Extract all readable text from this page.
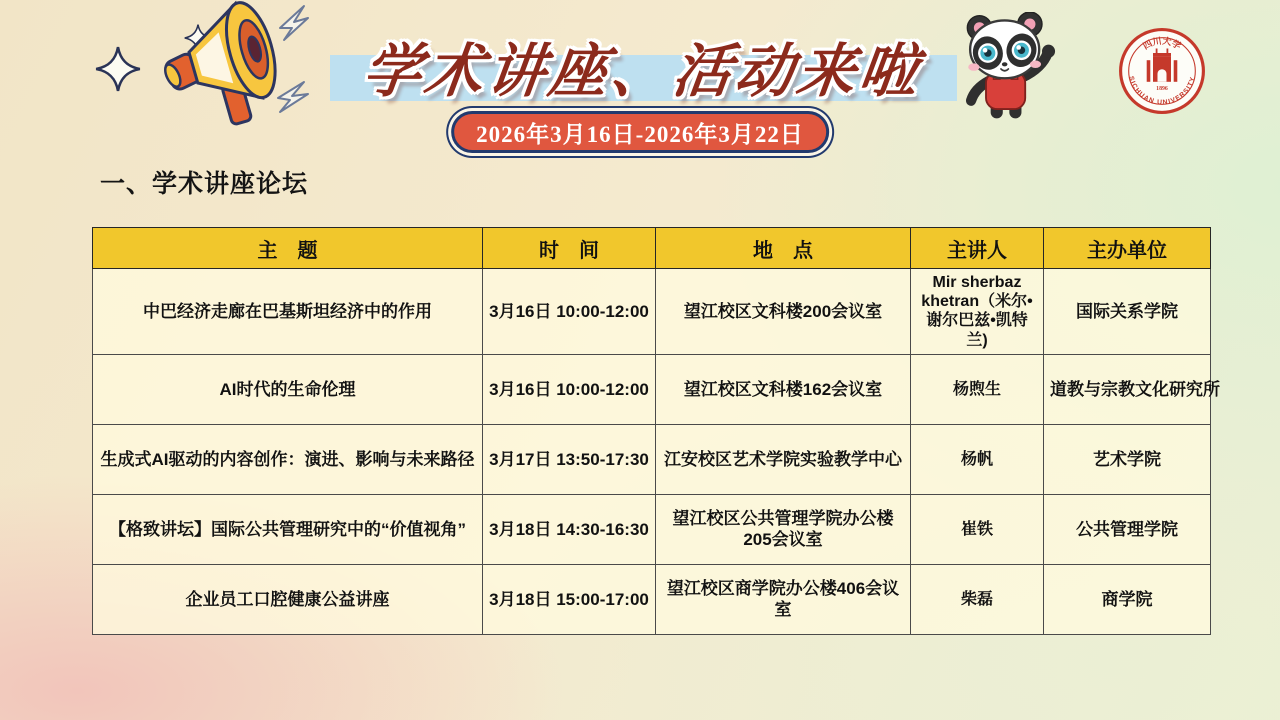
学术讲座、活动来啦
2026年3月16日-2026年3月22日
四川大学
SICHUAN UNIVERSITY
1896
一、学术讲座论坛
主　题	时　间	地　点	主讲人	主办单位
中巴经济走廊在巴基斯坦经济中的作用	3月16日 10:00-12:00	望江校区文科楼200会议室	Mir sherbaz khetran（米尔•谢尔巴兹•凯特兰)	国际关系学院
AI时代的生命伦理	3月16日 10:00-12:00	望江校区文科楼162会议室	杨煦生	道教与宗教文化研究所
生成式AI驱动的内容创作：演进、影响与未来路径	3月17日 13:50-17:30	江安校区艺术学院实验教学中心	杨帆	艺术学院
【格致讲坛】国际公共管理研究中的“价值视角”	3月18日 14:30-16:30	望江校区公共管理学院办公楼205会议室	崔铁	公共管理学院
企业员工口腔健康公益讲座	3月18日 15:00-17:00	望江校区商学院办公楼406会议室	柴磊	商学院
